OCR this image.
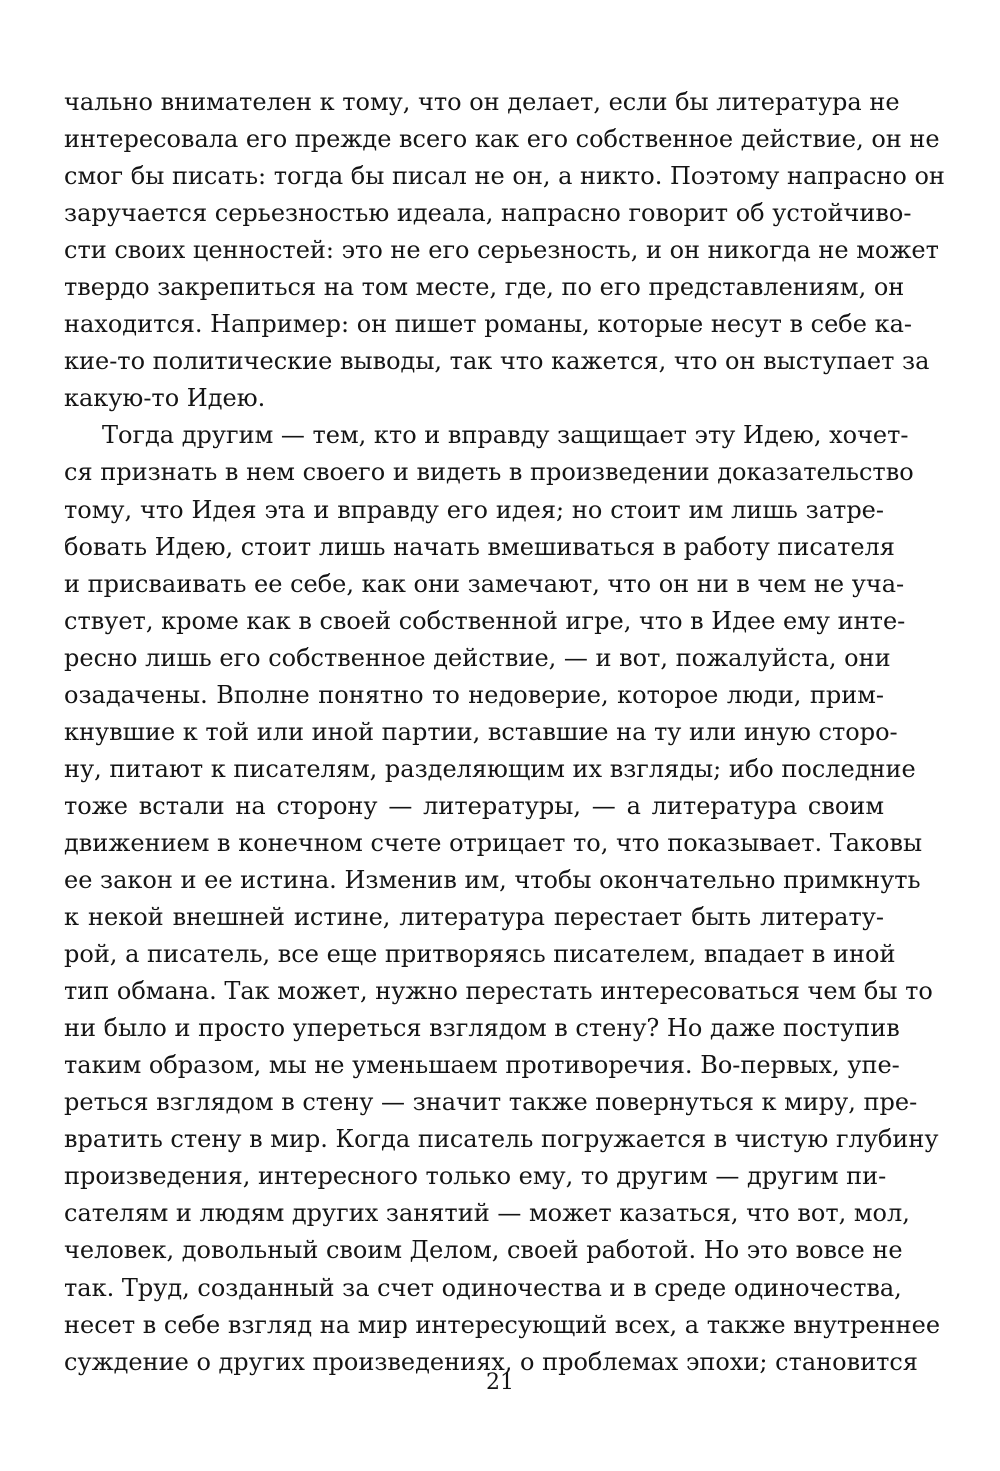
чально внимателен к тому, что он делает, если бы литература не
интересовала его прежде всего как его собственное действие, он не
смог бы писать: тогда бы писал не он, а никто. Поэтому напрасно он
заручается серьезностью идеала, напрасно говорит об устойчиво-
сти своих ценностей: это не его серьезность, и он никогда не может
твердо закрепиться на том месте, где, по его представлениям, он
находится. Например: он пишет романы, которые несут в себе ка-
кие-то политические выводы, так что кажется, что он выступает за
какую-то Идею.
Тогда другим — тем, кто и вправду защищает эту Идею, хочет-
ся признать в нем своего и видеть в произведении доказательство
тому, что Идея эта и вправду его идея; но стоит им лишь затре-
бовать Идею, стоит лишь начать вмешиваться в работу писателя
и присваивать ее себе, как они замечают, что он ни в чем не уча-
ствует, кроме как в своей собственной игре, что в Идее ему инте-
ресно лишь его собственное действие, — и вот, пожалуйста, они
озадачены. Вполне понятно то недоверие, которое люди, прим-
кнувшие к той или иной партии, вставшие на ту или иную сторо-
ну, питают к писателям, разделяющим их взгляды; ибо последние
тоже встали на сторону — литературы, — а литература своим
движением в конечном счете отрицает то, что показывает. Таковы
ее закон и ее истина. Изменив им, чтобы окончательно примкнуть
к некой внешней истине, литература перестает быть литерату-
рой, а писатель, все еще притворяясь писателем, впадает в иной
тип обмана. Так может, нужно перестать интересоваться чем бы то
ни было и просто упереться взглядом в стену? Но даже поступив
таким образом, мы не уменьшаем противоречия. Во-первых, упе-
реться взглядом в стену — значит также повернуться к миру, пре-
вратить стену в мир. Когда писатель погружается в чистую глубину
произведения, интересного только ему, то другим — другим пи-
сателям и людям других занятий — может казаться, что вот, мол,
человек, довольный своим Делом, своей работой. Но это вовсе не
так. Труд, созданный за счет одиночества и в среде одиночества,
несет в себе взгляд на мир интересующий всех, а также внутреннее
суждение о других произведениях, о проблемах эпохи; становится
21
